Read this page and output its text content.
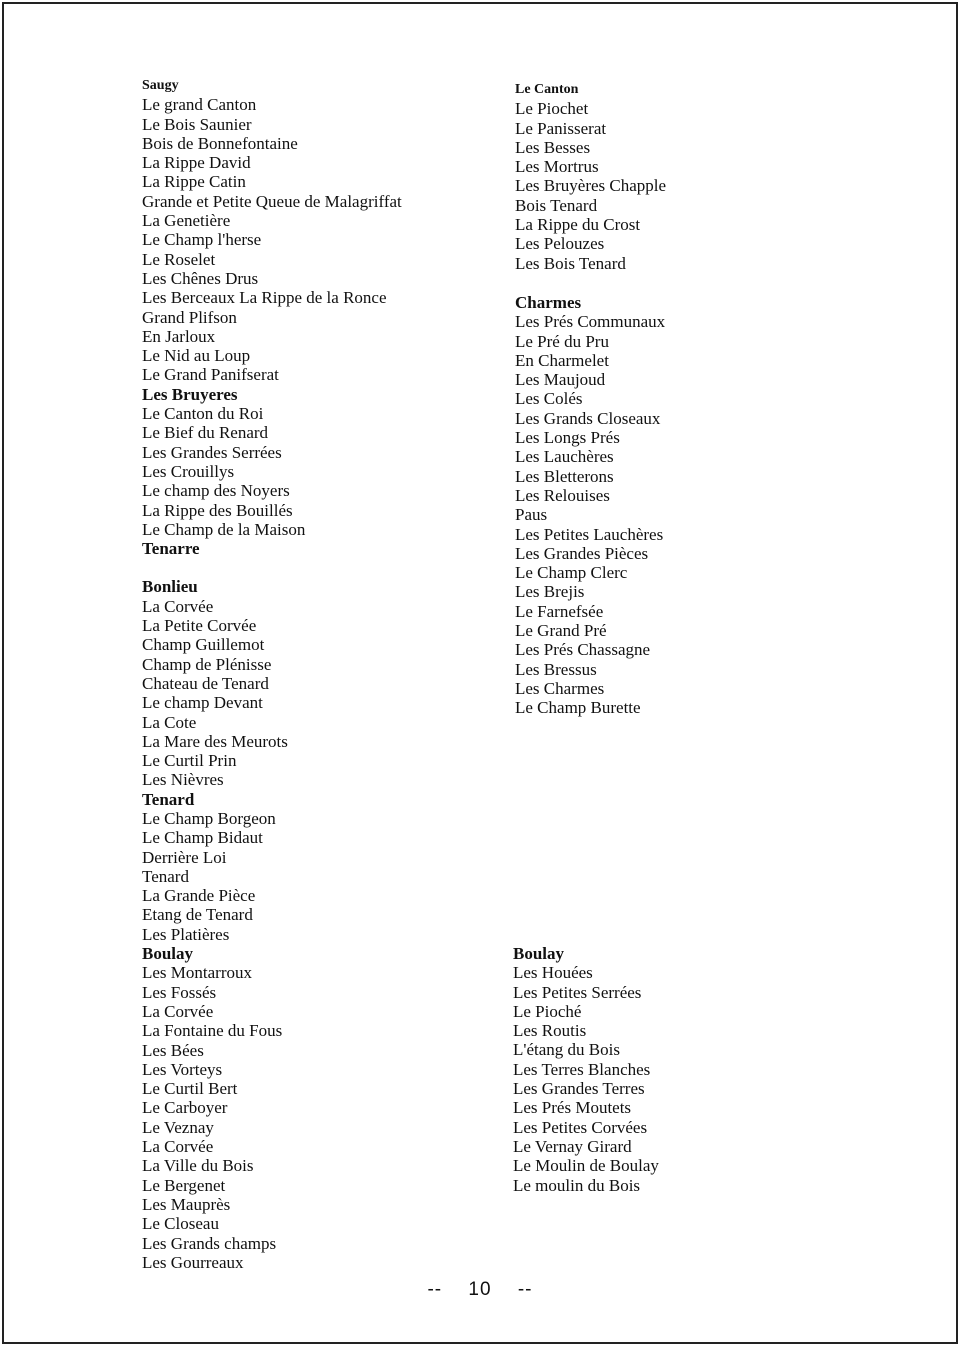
Saugy
Le grand Canton
Le Bois Saunier
Bois de Bonnefontaine
La Rippe David
La Rippe Catin
Grande et Petite Queue de Malagriffat
La Genetière
Le Champ l'herse
Le Roselet
Les Chênes Drus
Les Berceaux La Rippe de la Ronce
Grand Plifson
En Jarloux
Le Nid au Loup
Le Grand Panifserat
Les Bruyeres
Le Canton du Roi
Le Bief du Renard
Les Grandes Serrées
Les Crouillys
Le champ des Noyers
La Rippe des Bouillés
Le Champ de la Maison
Tenarre
Bonlieu
La Corvée
La Petite Corvée
Champ Guillemot
Champ de Plénisse
Chateau de Tenard
Le champ Devant
La Cote
La Mare des Meurots
Le Curtil Prin
Les Nièvres
Tenard
Le Champ Borgeon
Le Champ Bidaut
Derrière Loi
Tenard
La Grande Pièce
Etang de Tenard
Les Platières
Boulay
Les Montarroux
Les Fossés
La Corvée
La Fontaine du Fous
Les Bées
Les Vorteys
Le Curtil Bert
Le Carboyer
Le Veznay
La Corvée
La Ville du Bois
Le Bergenet
Les Mauprès
Le Closeau
Les Grands champs
Les Gourreaux
Le Canton
Le Piochet
Le Panisserat
Les Besses
Les Mortrus
Les Bruyères Chapple
Bois Tenard
La Rippe du Crost
Les Pelouzes
Les Bois Tenard
Charmes
Les Prés Communaux
Le Pré du Pru
En Charmelet
Les Maujoud
Les Colés
Les Grands Closeaux
Les Longs Prés
Les Lauchères
Les Bletterons
Les Relouises
Paus
Les Petites Lauchères
Les Grandes Pièces
Le Champ Clerc
Les Brejis
Le Farnefsée
Le Grand Pré
Les Prés Chassagne
Les Bressus
Les Charmes
Le Champ Burette
Boulay
Les Houées
Les Petites Serrées
Le Pioché
Les Routis
L'étang du Bois
Les Terres Blanches
Les Grandes Terres
Les Prés Moutets
Les Petites Corvées
Le Vernay Girard
Le Moulin de Boulay
Le moulin du Bois
-- 10 --
